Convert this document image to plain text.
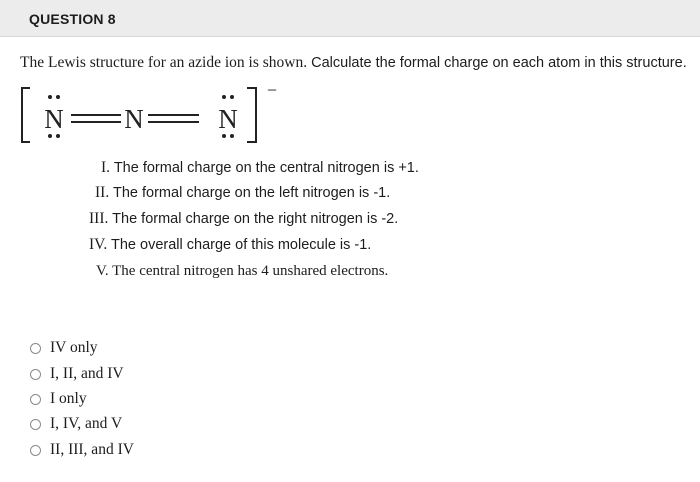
QUESTION 8
The Lewis structure for an azide ion is shown. Calculate the formal charge on each atom in this structure.
N N	N
−
I. The formal charge on the central nitrogen is +1.
II. The formal charge on the left nitrogen is -1.
III. The formal charge on the right nitrogen is -2.
IV. The overall charge of this molecule is -1.
V. The central nitrogen has 4 unshared electrons.
IV only
I, II, and IV
I only
I, IV, and V
II, III, and IV
